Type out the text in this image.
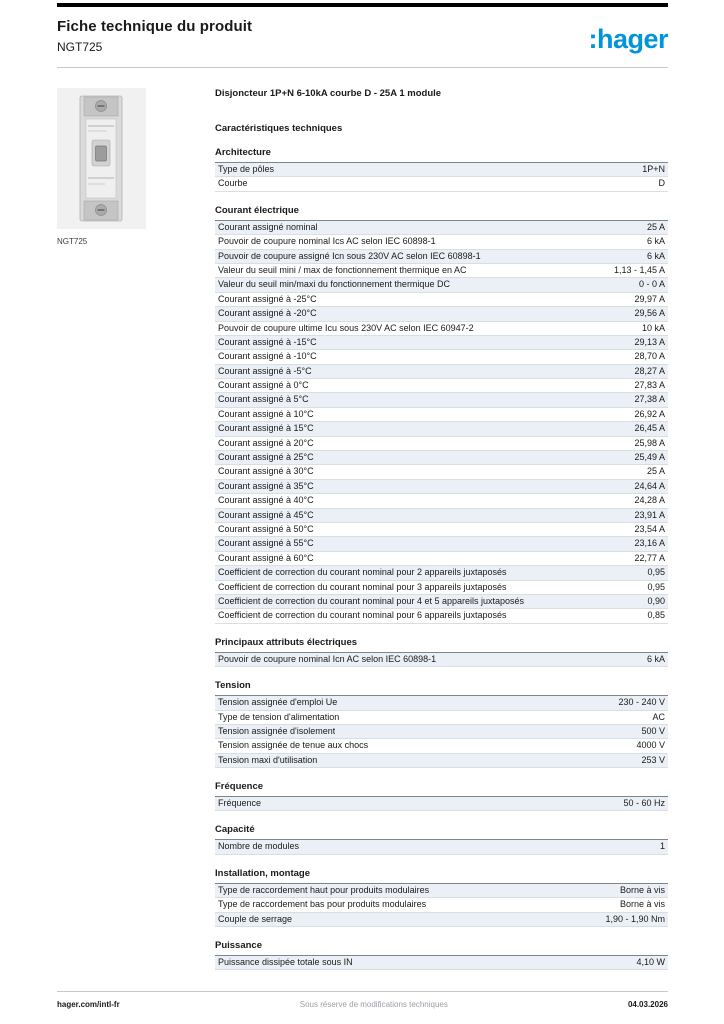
Fiche technique du produit
NGT725	:hager
NGT725
Disjoncteur 1P+N 6-10kA courbe D - 25A 1 module
Caractéristiques techniques
Architecture
Type de pôles	1P+N
Courbe	D
Courant électrique
Courant assigné nominal	25 A
Pouvoir de coupure nominal Ics AC selon IEC 60898-1	6 kA
Pouvoir de coupure assigné Icn sous 230V AC selon IEC 60898-1	6 kA
Valeur du seuil mini / max de fonctionnement thermique en AC	1,13 - 1,45 A
Valeur du seuil min/maxi du fonctionnement thermique DC	0 - 0 A
Courant assigné à -25°C	29,97 A
Courant assigné à -20°C	29,56 A
Pouvoir de coupure ultime Icu sous 230V AC selon IEC 60947-2	10 kA
Courant assigné à -15°C	29,13 A
Courant assigné à -10°C	28,70 A
Courant assigné à -5°C	28,27 A
Courant assigné à 0°C	27,83 A
Courant assigné à 5°C	27,38 A
Courant assigné à 10°C	26,92 A
Courant assigné à 15°C	26,45 A
Courant assigné à 20°C	25,98 A
Courant assigné à 25°C	25,49 A
Courant assigné à 30°C	25 A
Courant assigné à 35°C	24,64 A
Courant assigné à 40°C	24,28 A
Courant assigné à 45°C	23,91 A
Courant assigné à 50°C	23,54 A
Courant assigné à 55°C	23,16 A
Courant assigné à 60°C	22,77 A
Coefficient de correction du courant nominal pour 2 appareils juxtaposés	0,95
Coefficient de correction du courant nominal pour 3 appareils juxtaposés	0,95
Coefficient de correction du courant nominal pour 4 et 5 appareils juxtaposés	0,90
Coefficient de correction du courant nominal pour 6 appareils juxtaposés	0,85
Principaux attributs électriques
Pouvoir de coupure nominal Icn AC selon IEC 60898-1	6 kA
Tension
Tension assignée d'emploi Ue	230 - 240 V
Type de tension d'alimentation	AC
Tension assignée d'isolement	500 V
Tension assignée de tenue aux chocs	4000 V
Tension maxi d'utilisation	253 V
Fréquence
Fréquence	50 - 60 Hz
Capacité
Nombre de modules	1
Installation, montage
Type de raccordement haut pour produits modulaires	Borne à vis
Type de raccordement bas pour produits modulaires	Borne à vis
Couple de serrage	1,90 - 1,90 Nm
Puissance
Puissance dissipée totale sous IN	4,10 W
hager.com/intl-fr	Sous réserve de modifications techniques	04.03.2026
